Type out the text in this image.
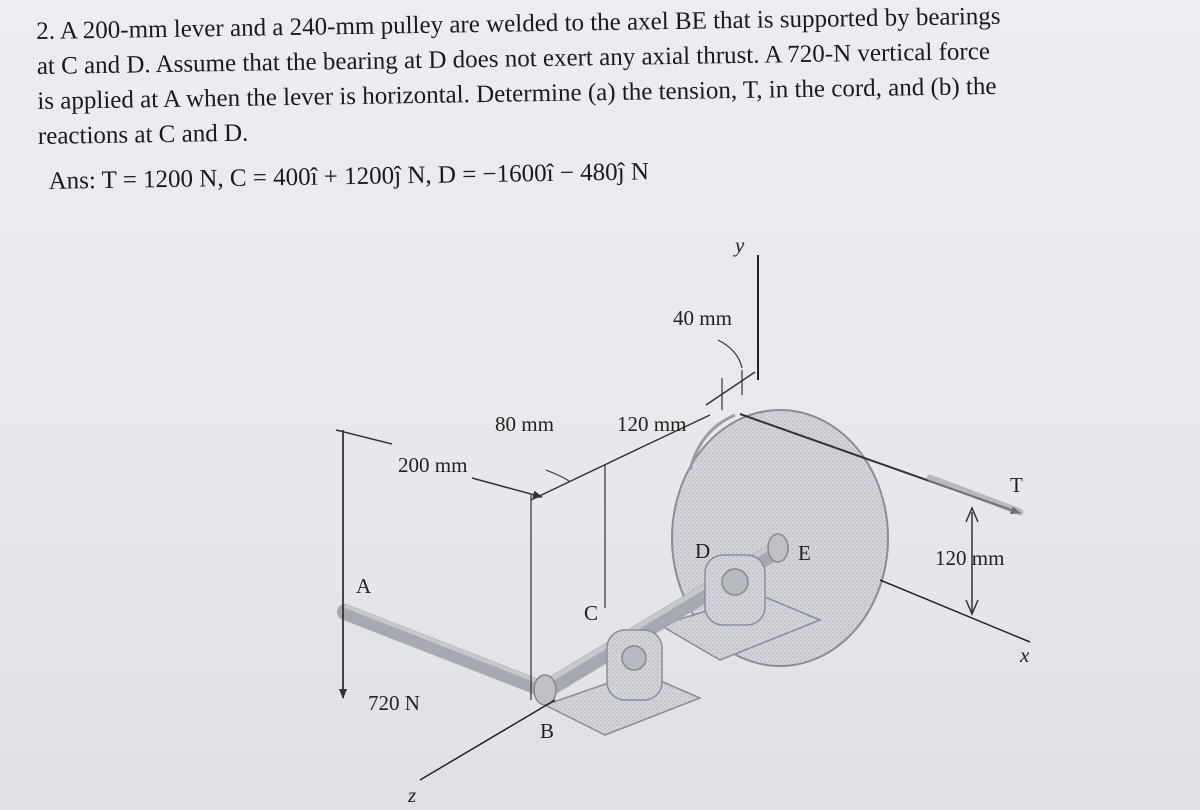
2. A 200-mm lever and a 240-mm pulley are welded to the axel BE that is supported by bearings

at C and D. Assume that the bearing at D does not exert any axial thrust. A 720-N vertical force

is applied at A when the lever is horizontal. Determine (a) the tension, T, in the cord, and (b) the

reactions at C and D.

Ans: T = 1200 N, C = 400î + 1200ĵ N, D = −1600î − 480ĵ N

y
T
x
120 mm
z
720 N
200 mm
80 mm	120 mm
40 mm
A
B
C
D	E
